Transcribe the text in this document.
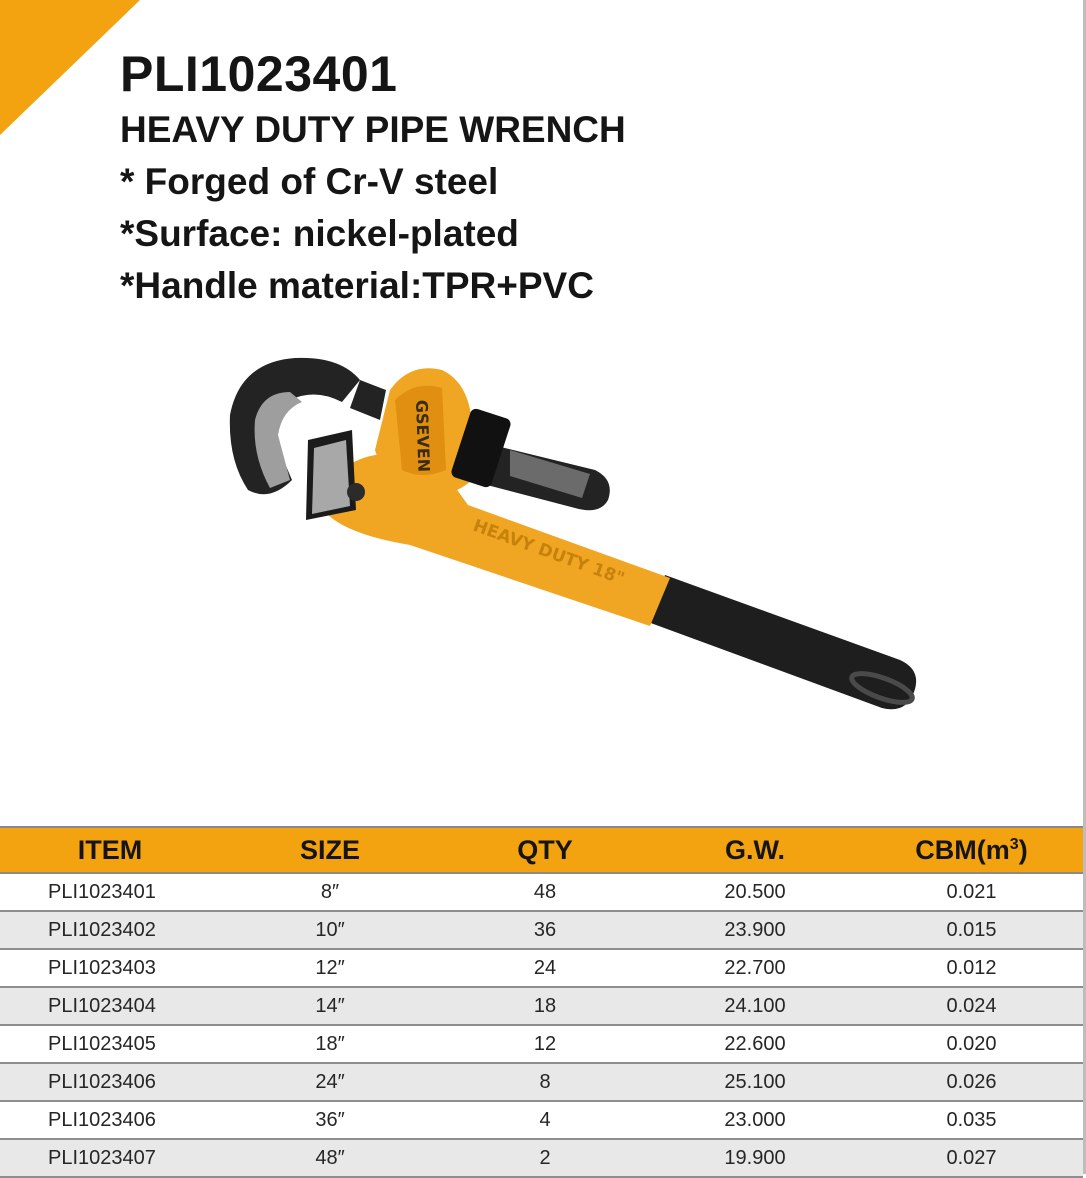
PLI1023401
HEAVY DUTY PIPE WRENCH
* Forged of Cr-V steel
*Surface: nickel-plated
*Handle material:TPR+PVC
GSEVEN
HEAVY DUTY 18"
ITEM	SIZE	QTY	G.W.	$CBM(m^3)$
PLI1023401	8″	48	20.500	0.021
PLI1023402	10″	36	23.900	0.015
PLI1023403	12″	24	22.700	0.012
PLI1023404	14″	18	24.100	0.024
PLI1023405	18″	12	22.600	0.020
PLI1023406	24″	8	25.100	0.026
PLI1023406	36″	4	23.000	0.035
PLI1023407	48″	2	19.900	0.027
